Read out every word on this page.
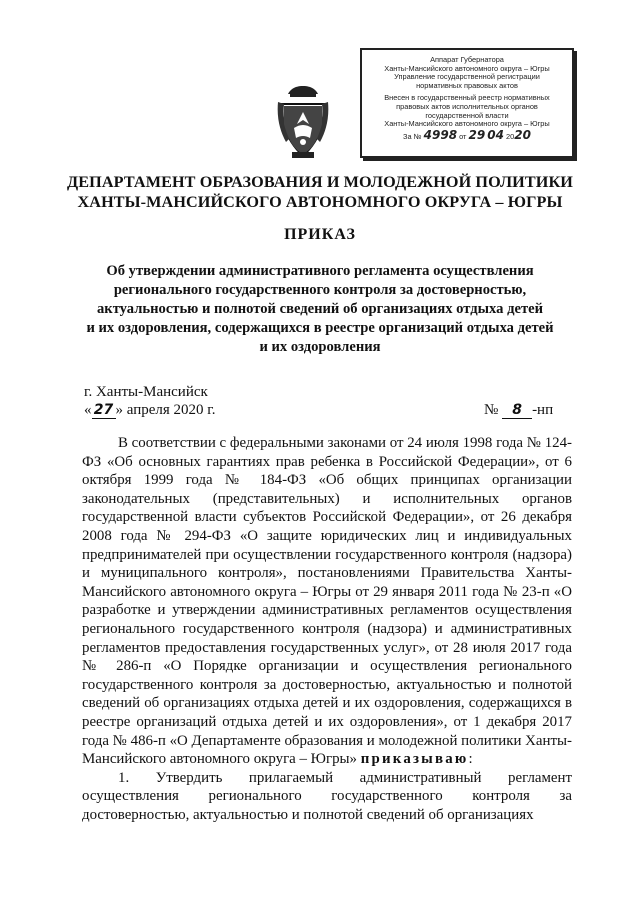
Аппарат Губернатора
Ханты-Мансийского автономного округа – Югры
Управление государственной регистрации
нормативных правовых актов
Внесен в государственный реестр нормативных
правовых актов исполнительных органов
государственной власти
Ханты-Мансийского автономного округа – Югры
За № 4998 от 29 04 2020
ДЕПАРТАМЕНТ ОБРАЗОВАНИЯ И МОЛОДЕЖНОЙ ПОЛИТИКИ
ХАНТЫ-МАНСИЙСКОГО АВТОНОМНОГО ОКРУГА – ЮГРЫ
ПРИКАЗ
Об утверждении административного регламента осуществления
регионального государственного контроля за достоверностью,
актуальностью и полнотой сведений об организациях отдыха детей
и их оздоровления, содержащихся в реестре организаций отдыха детей
и их оздоровления
г. Ханты-Мансийск
« 27 » апреля 2020 г.	№ 8 -нп

В соответствии с федеральными законами от 24 июля 1998 года № 124-ФЗ «Об основных гарантиях прав ребенка в Российской Федерации», от 6 октября 1999 года № 184-ФЗ «Об общих принципах организации законодательных (представительных) и исполнительных органов государственной власти субъектов Российской Федерации», от 26 декабря 2008 года № 294-ФЗ «О защите юридических лиц и индивидуальных предпринимателей при осуществлении государственного контроля (надзора) и муниципального контроля», постановлениями Правительства Ханты-Мансийского автономного округа – Югры от 29 января 2011 года № 23-п «О разработке и утверждении административных регламентов осуществления регионального государственного контроля (надзора) и административных регламентов предоставления государственных услуг», от 28 июля 2017 года № 286-п «О Порядке организации и осуществления регионального государственного контроля за достоверностью, актуальностью и полнотой сведений об организациях отдыха детей и их оздоровления, содержащихся в реестре организаций отдыха детей и их оздоровления», от 1 декабря 2017 года № 486-п «О Департаменте образования и молодежной политики Ханты-Мансийского автономного округа – Югры» приказываю:

1. Утвердить прилагаемый административный регламент осуществления регионального государственного контроля за достоверностью, актуальностью и полнотой сведений об организациях
